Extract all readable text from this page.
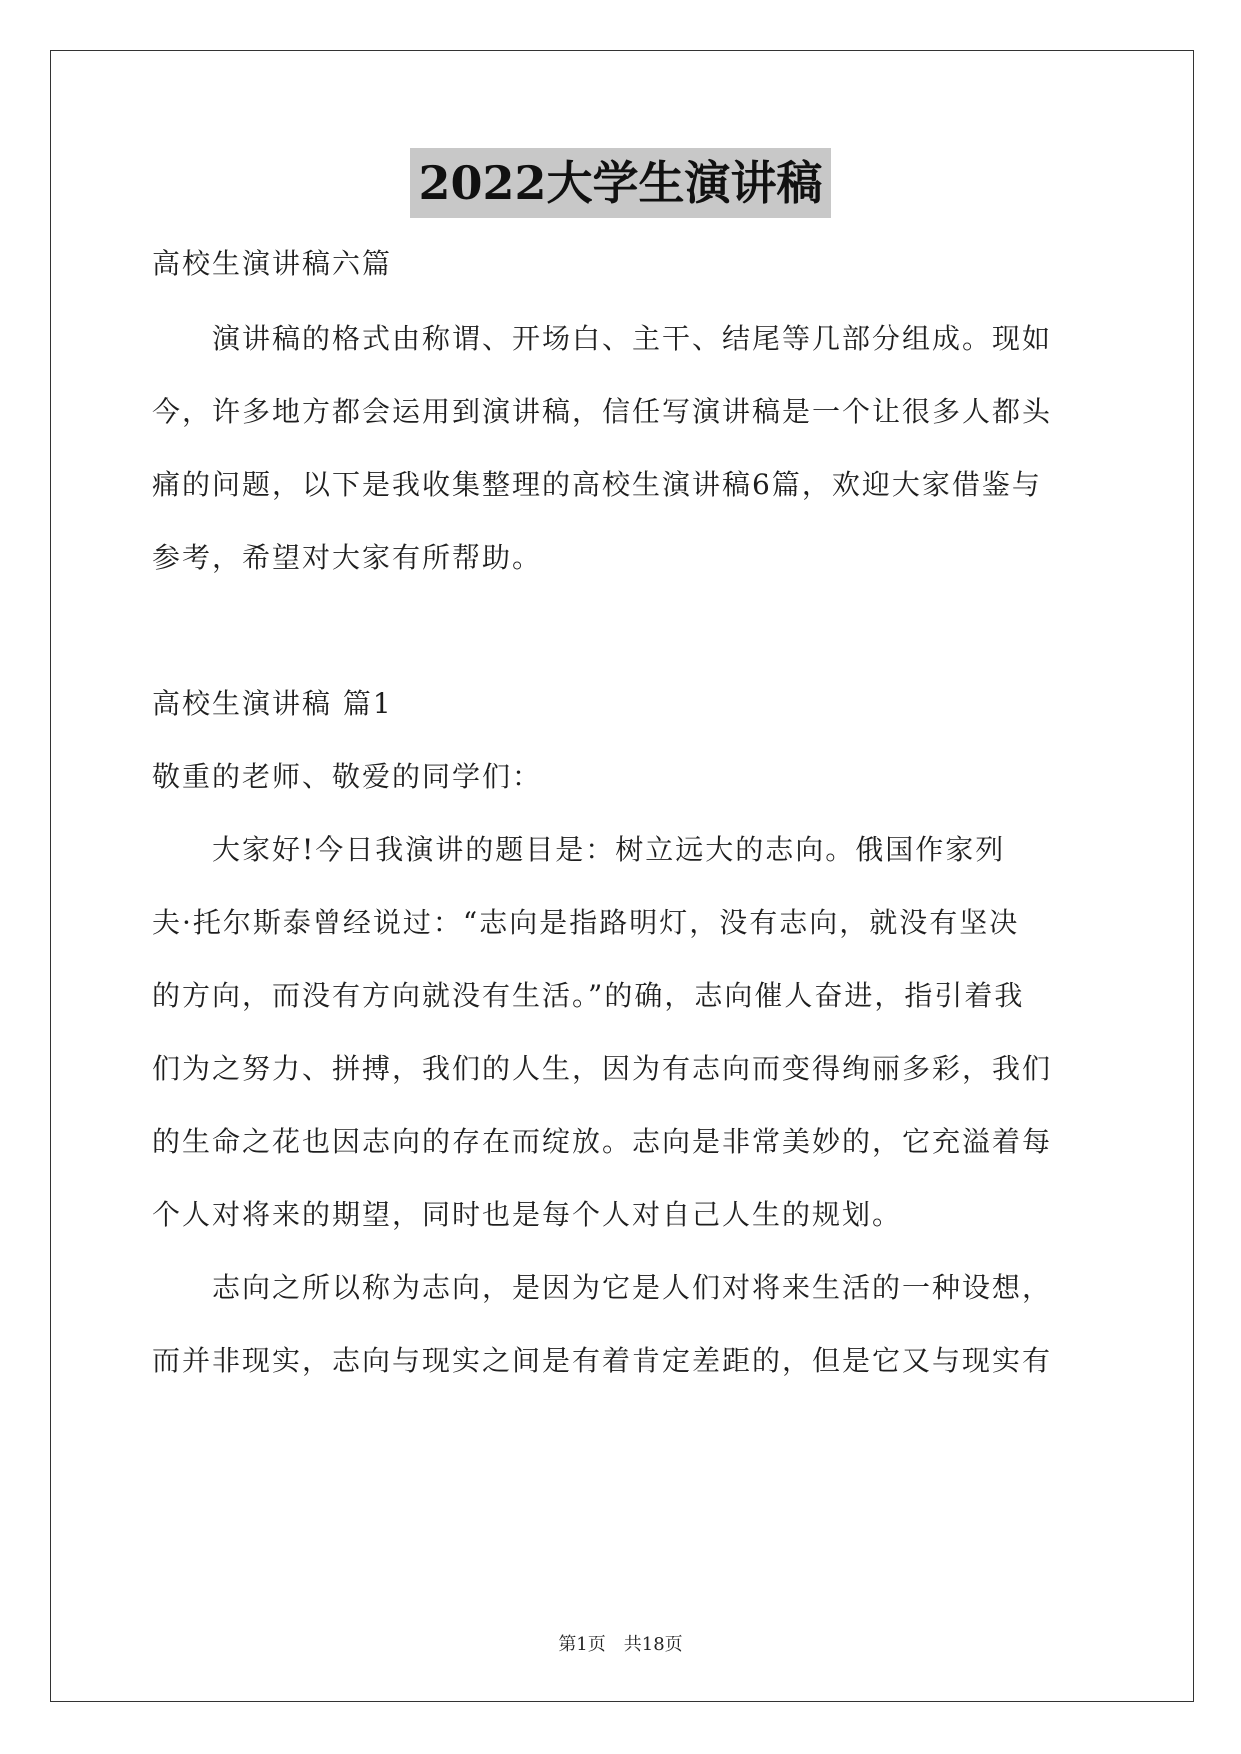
2022大学生演讲稿
高校生演讲稿六篇
　　演讲稿的格式由称谓、开场白、主干、结尾等几部分组成。现如
今，许多地方都会运用到演讲稿，信任写演讲稿是一个让很多人都头
痛的问题，以下是我收集整理的高校生演讲稿6篇，欢迎大家借鉴与
参考，希望对大家有所帮助。
高校生演讲稿 篇1
敬重的老师、敬爱的同学们：
　　大家好!今日我演讲的题目是：树立远大的志向。俄国作家列
夫·托尔斯泰曾经说过：“志向是指路明灯，没有志向，就没有坚决
的方向，而没有方向就没有生活。”的确，志向催人奋进，指引着我
们为之努力、拼搏，我们的人生，因为有志向而变得绚丽多彩，我们
的生命之花也因志向的存在而绽放。志向是非常美妙的，它充溢着每
个人对将来的期望，同时也是每个人对自己人生的规划。
　　志向之所以称为志向，是因为它是人们对将来生活的一种设想，
而并非现实，志向与现实之间是有着肯定差距的，但是它又与现实有
第1页 共18页
